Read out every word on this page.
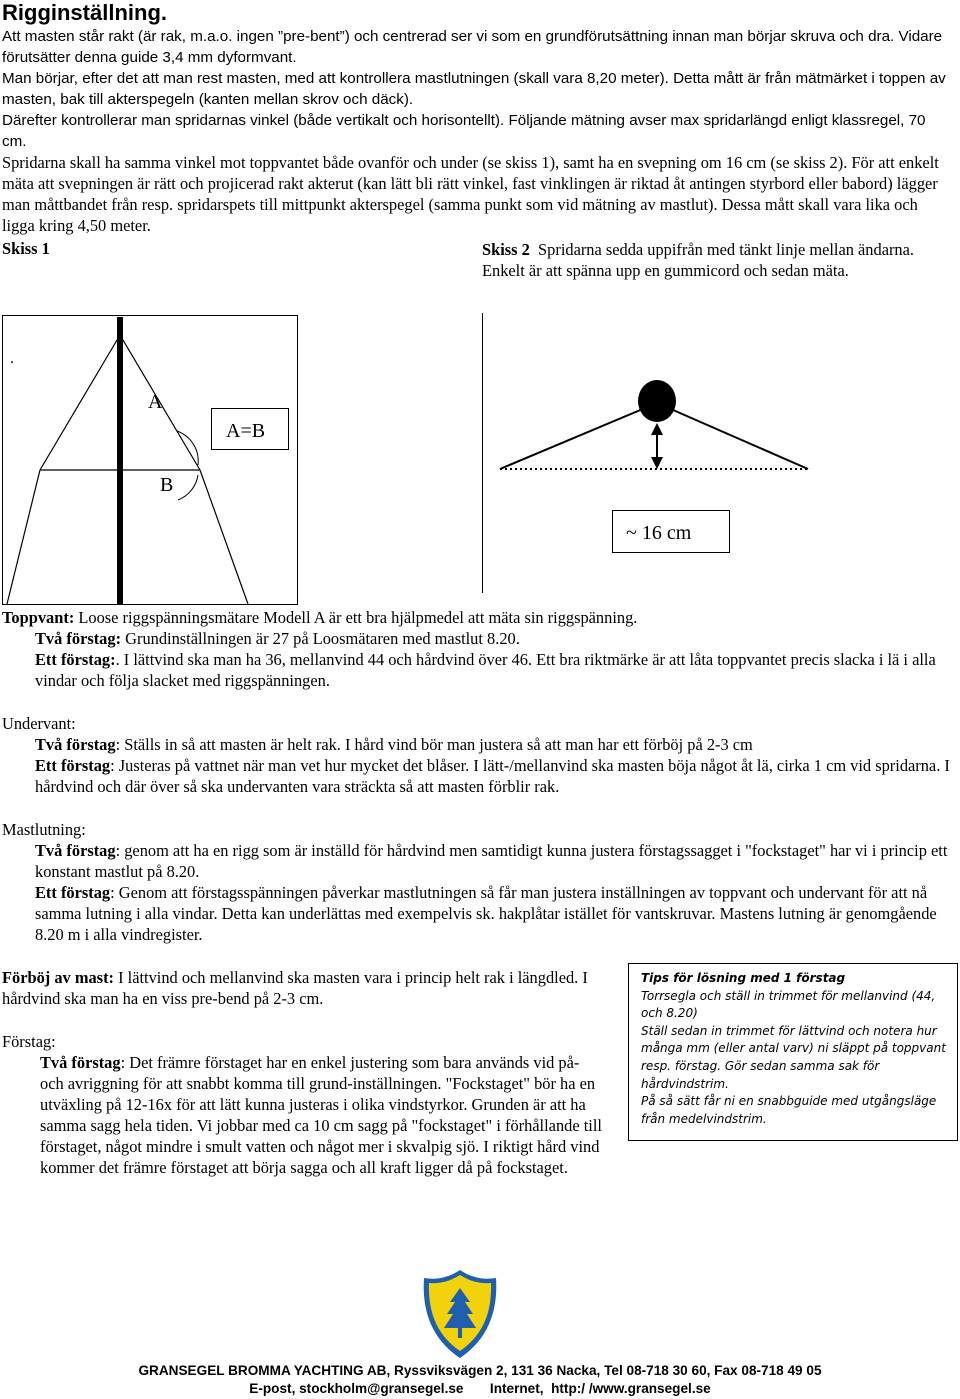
Rigginställning.

Att masten står rakt (är rak, m.a.o. ingen ”pre-bent”) och centrerad ser vi som en grundförutsättning innan man börjar skruva och dra. Vidare förutsätter denna guide 3,4 mm dyformvant.

Man börjar, efter det att man rest masten, med att kontrollera mastlutningen (skall vara 8,20 meter). Detta mått är från mätmärket i toppen av masten, bak till akterspegeln (kanten mellan skrov och däck).

Därefter kontrollerar man spridarnas vinkel (både vertikalt och horisontellt). Följande mätning avser max spridarlängd enligt klassregel, 70 cm.

Spridarna skall ha samma vinkel mot toppvantet både ovanför och under (se skiss 1), samt ha en svepning om 16 cm (se skiss 2). För att enkelt mäta att svepningen är rätt och projicerad rakt akterut (kan lätt bli rätt vinkel, fast vinklingen är riktad åt antingen styrbord eller babord) lägger man måttbandet från resp. spridarspets till mittpunkt akterspegel (samma punkt som vid mätning av mastlut). Dessa mått skall vara lika och ligga kring 4,50 meter.

Skiss 1	Skiss 2 Spridarna sedda uppifrån med tänkt linje mellan ändarna. Enkelt är att spänna upp en gummicord och sedan mäta.
.
A
B
A=B
~ 16 cm

Toppvant: Loose riggspänningsmätare Modell A är ett bra hjälpmedel att mäta sin riggspänning.

Två förstag: Grundinställningen är 27 på Loosmätaren med mastlut 8.20.

Ett förstag:. I lättvind ska man ha 36, mellanvind 44 och hårdvind över 46. Ett bra riktmärke är att låta toppvantet precis slacka i lä i alla vindar och följa slacket med riggspänningen.

Undervant:

Två förstag: Ställs in så att masten är helt rak. I hård vind bör man justera så att man har ett förböj på 2-3 cm

Ett förstag: Justeras på vattnet när man vet hur mycket det blåser. I lätt-/mellanvind ska masten böja något åt lä, cirka 1 cm vid spridarna. I hårdvind och där över så ska undervanten vara sträckta så att masten förblir rak.

Mastlutning:

Två förstag: genom att ha en rigg som är inställd för hårdvind men samtidigt kunna justera förstagssagget i "fockstaget" har vi i princip ett konstant mastlut på 8.20.

Ett förstag: Genom att förstagsspänningen påverkar mastlutningen så får man justera inställningen av toppvant och undervant för att nå samma lutning i alla vindar. Detta kan underlättas med exempelvis sk. hakplåtar istället för vantskruvar. Mastens lutning är genomgående 8.20 m i alla vindregister.

Förböj av mast: I lättvind och mellanvind ska masten vara i princip helt rak i längdled. I hårdvind ska man ha en viss pre-bend på 2-3 cm.

Förstag:

Två förstag: Det främre förstaget har en enkel justering som bara används vid på- och avriggning för att snabbt komma till grund-inställningen. "Fockstaget" bör ha en utväxling på 12-16x för att lätt kunna justeras i olika vindstyrkor. Grunden är att ha samma sagg hela tiden. Vi jobbar med ca 10 cm sagg på "fockstaget" i förhållande till förstaget, något mindre i smult vatten och något mer i skvalpig sjö. I riktigt hård vind kommer det främre förstaget att börja sagga och all kraft ligger då på fockstaget.

Tips för lösning med 1 förstag
Torrsegla och ställ in trimmet för mellanvind (44, och 8.20)
Ställ sedan in trimmet för lättvind och notera hur många mm (eller antal varv) ni släppt på toppvant resp. förstag. Gör sedan samma sak för hårdvindstrim.
På så sätt får ni en snabbguide med utgångsläge från medelvindstrim.
GRANSEGEL BROMMA YACHTING AB, Ryssviksvägen 2, 131 36 Nacka, Tel 08-718 30 60, Fax 08-718 49 05
E-post, stockholm@gransegel.se       Internet,  http:/ /www.gransegel.se
